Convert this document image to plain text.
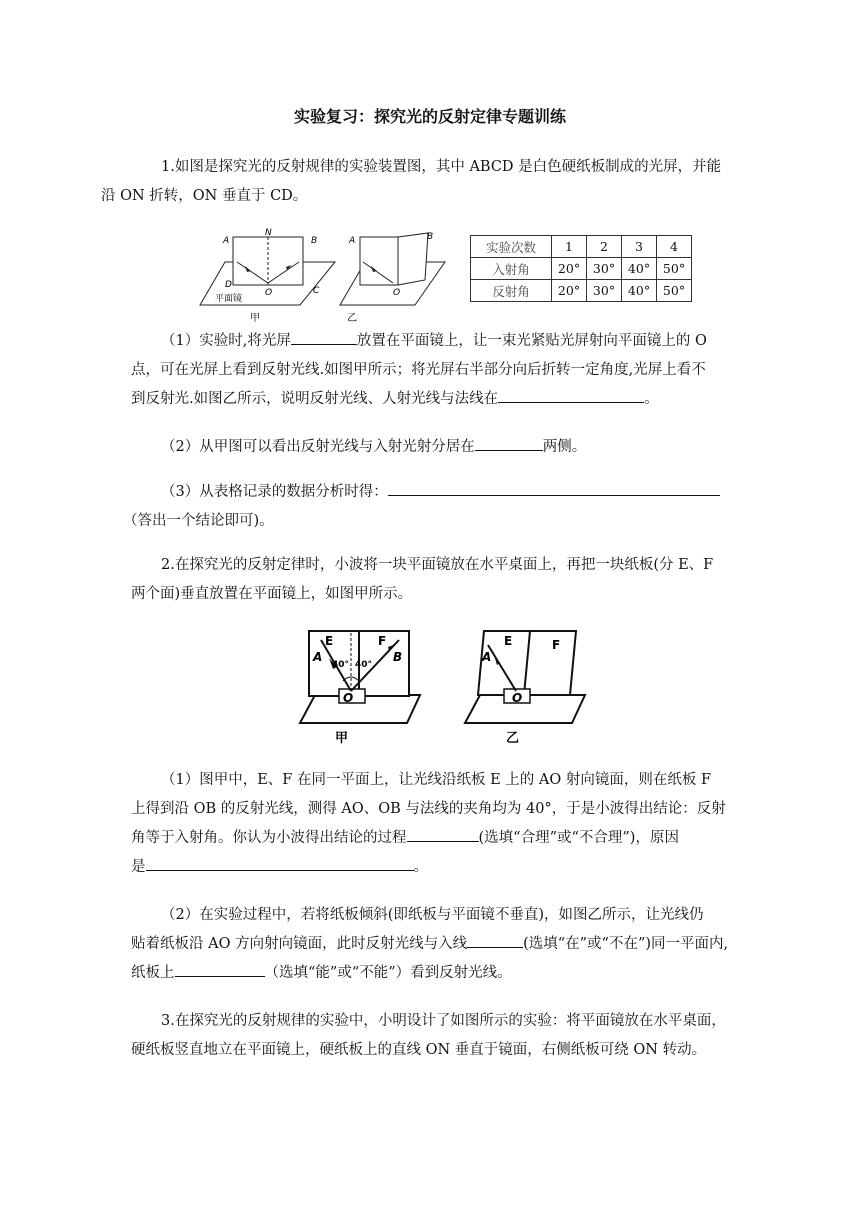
实验复习：探究光的反射定律专题训练

1.如图是探究光的反射规律的实验装置图，其中 ABCD 是白色硬纸板制成的光屏，并能
沿 ON 折转，ON 垂直于 CD。

A
N
B
D
O	C
平面镜
甲
A	B
O
乙
实验次数	1	2	3	4
入射角	20°	30°	40°	50°
反射角	20°	30°	40°	50°

（1）实验时,将光屏	放置在平面镜上，让一束光紧贴光屏射向平面镜上的 O
点，可在光屏上看到反射光线.如图甲所示；将光屏右半部分向后折转一定角度,光屏上看不
到反射光.如图乙所示，说明反射光线、人射光线与法线在	。

（2）从甲图可以看出反射光线与入射光射分居在	两侧。

（3）从表格记录的数据分析时得：
（答出一个结论即可)。

2.在探究光的反射定律时，小波将一块平面镜放在水平桌面上，再把一块纸板(分 E、F
两个面)垂直放置在平面镜上，如图甲所示。

E	F
A	B
40° 40°
O
甲
E	F
A
O
乙

（1）图甲中，E、F 在同一平面上，让光线沿纸板 E 上的 AO 射向镜面，则在纸板 F
上得到沿 OB 的反射光线，测得 AO、OB 与法线的夹角均为 40°，于是小波得出结论：反射
角等于入射角。你认为小波得出结论的过程	(选填“合理”或“不合理”)，原因
是	。

（2）在实验过程中，若将纸板倾斜(即纸板与平面镜不垂直)，如图乙所示，让光线仍
贴着纸板沿 AO 方向射向镜面，此时反射光线与入线	(选填“在”或“不在”)同一平面内,
纸板上	（选填“能”或“不能”）看到反射光线。

3.在探究光的反射规律的实验中，小明设计了如图所示的实验：将平面镜放在水平桌面，
硬纸板竖直地立在平面镜上，硬纸板上的直线 ON 垂直于镜面，右侧纸板可绕 ON 转动。
